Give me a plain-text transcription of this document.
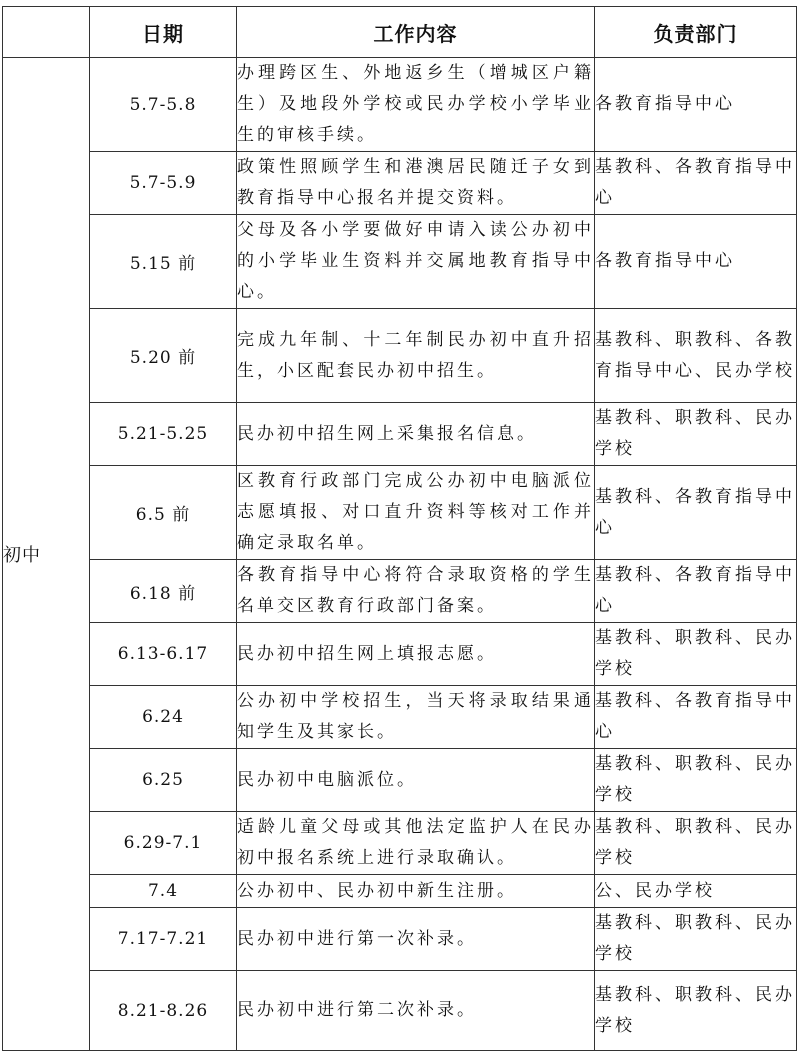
	日期	工作内容	负责部门
初中	5.7-5.8	办理跨区生、外地返乡生（增城区户籍生）及地段外学校或民办学校小学毕业生的审核手续。	各教育指导中心
	5.7-5.9	政策性照顾学生和港澳居民随迁子女到教育指导中心报名并提交资料。	基教科、各教育指导中心
	5.15 前	父母及各小学要做好申请入读公办初中的小学毕业生资料并交属地教育指导中心。	各教育指导中心
	5.20 前	完成九年制、十二年制民办初中直升招生，小区配套民办初中招生。	基教科、职教科、各教育指导中心、民办学校
	5.21-5.25	民办初中招生网上采集报名信息。	基教科、职教科、民办学校
	6.5 前	区教育行政部门完成公办初中电脑派位志愿填报、对口直升资料等核对工作并确定录取名单。	基教科、各教育指导中心
	6.18 前	各教育指导中心将符合录取资格的学生名单交区教育行政部门备案。	基教科、各教育指导中心
	6.13-6.17	民办初中招生网上填报志愿。	基教科、职教科、民办学校
	6.24	公办初中学校招生，当天将录取结果通知学生及其家长。	基教科、各教育指导中心
	6.25	民办初中电脑派位。	基教科、职教科、民办学校
	6.29-7.1	适龄儿童父母或其他法定监护人在民办初中报名系统上进行录取确认。	基教科、职教科、民办学校
	7.4	公办初中、民办初中新生注册。	公、民办学校
	7.17-7.21	民办初中进行第一次补录。	基教科、职教科、民办学校
	8.21-8.26	民办初中进行第二次补录。	基教科、职教科、民办学校
